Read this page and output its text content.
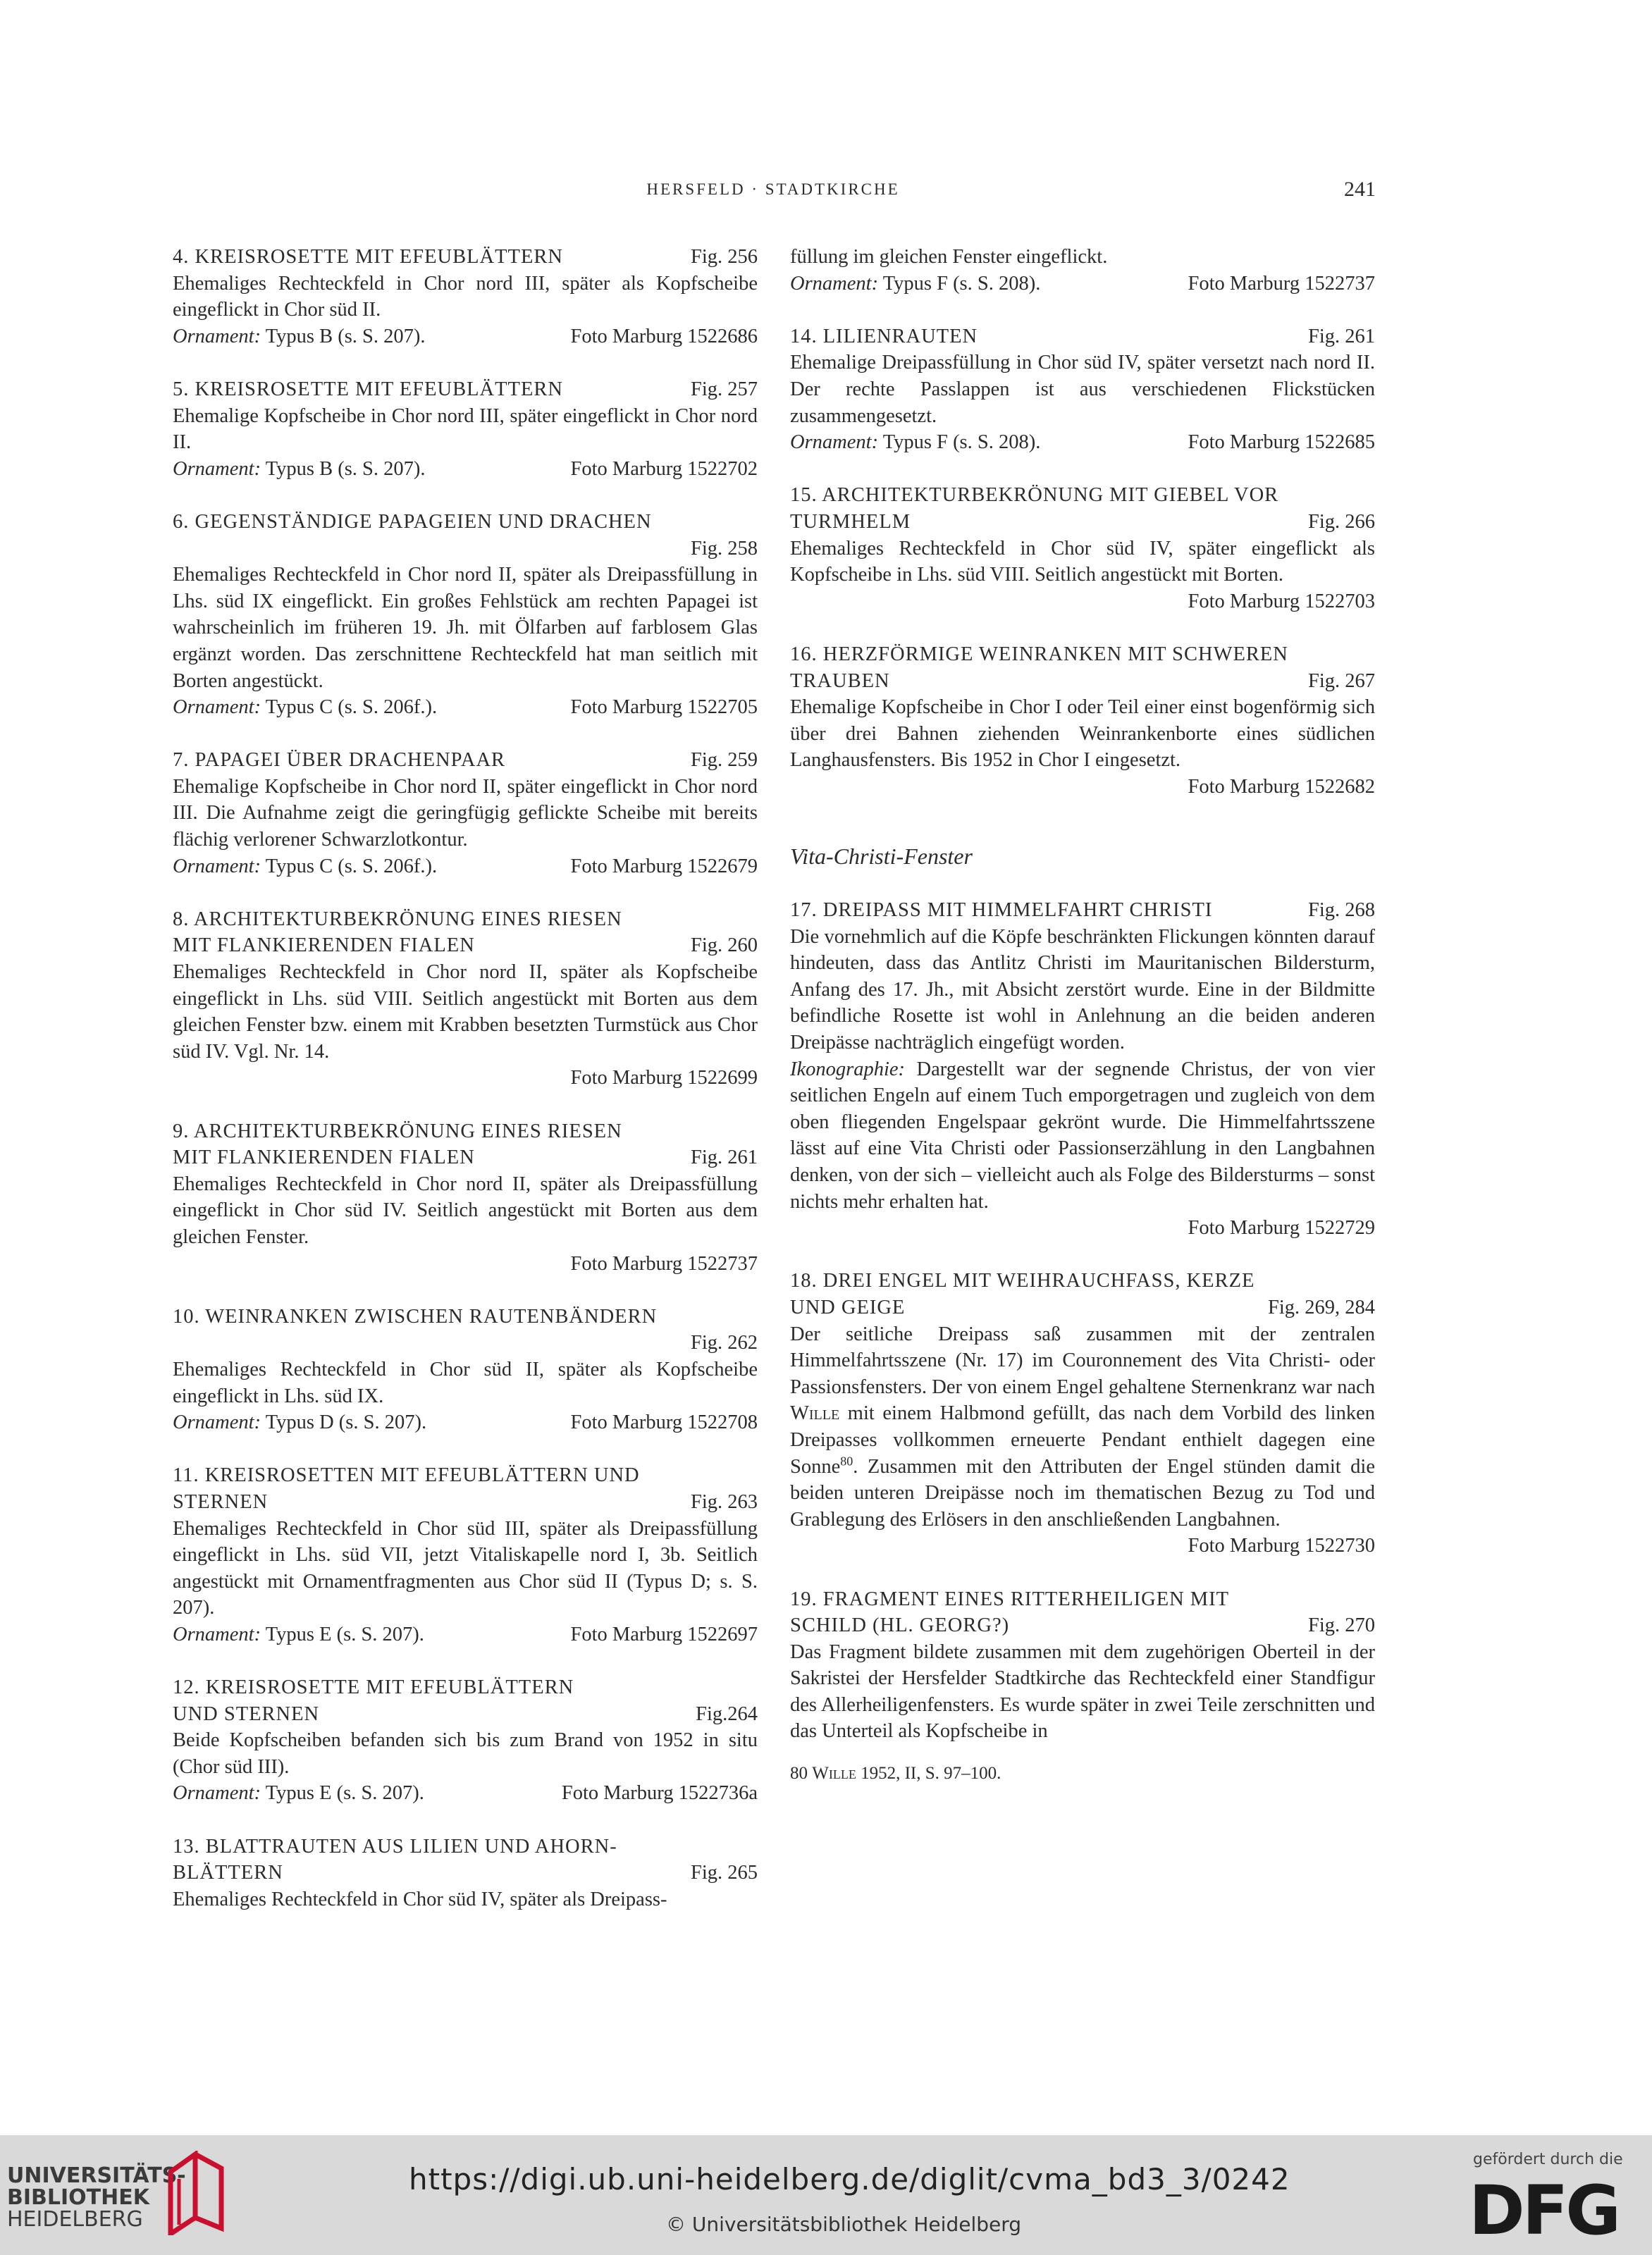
HERSFELD · STADTKIRCHE	241
4. KREISROSETTE MIT EFEUBLÄTTERN	Fig. 256
Ehemaliges Rechteckfeld in Chor nord III, später als Kopfscheibe eingeflickt in Chor süd II.
Ornament: Typus B (s. S. 207).	Foto Marburg 1522686
5. KREISROSETTE MIT EFEUBLÄTTERN	Fig. 257
Ehemalige Kopfscheibe in Chor nord III, später eingeflickt in Chor nord II.
Ornament: Typus B (s. S. 207).	Foto Marburg 1522702
6. GEGENSTÄNDIGE PAPAGEIEN UND DRACHEN
Fig. 258
Ehemaliges Rechteckfeld in Chor nord II, später als Dreipassfüllung in Lhs. süd IX eingeflickt. Ein großes Fehlstück am rechten Papagei ist wahrscheinlich im früheren 19. Jh. mit Ölfarben auf farblosem Glas ergänzt worden. Das zerschnittene Rechteckfeld hat man seitlich mit Borten angestückt.
Ornament: Typus C (s. S. 206f.).	Foto Marburg 1522705
7. PAPAGEI ÜBER DRACHENPAAR	Fig. 259
Ehemalige Kopfscheibe in Chor nord II, später eingeflickt in Chor nord III. Die Aufnahme zeigt die geringfügig geflickte Scheibe mit bereits flächig verlorener Schwarzlotkontur.
Ornament: Typus C (s. S. 206f.).	Foto Marburg 1522679
8. ARCHITEKTURBEKRÖNUNG EINES RIESEN
MIT FLANKIERENDEN FIALEN	Fig. 260
Ehemaliges Rechteckfeld in Chor nord II, später als Kopfscheibe eingeflickt in Lhs. süd VIII. Seitlich angestückt mit Borten aus dem gleichen Fenster bzw. einem mit Krabben besetzten Turmstück aus Chor süd IV. Vgl. Nr. 14.
Foto Marburg 1522699
9. ARCHITEKTURBEKRÖNUNG EINES RIESEN
MIT FLANKIERENDEN FIALEN	Fig. 261
Ehemaliges Rechteckfeld in Chor nord II, später als Dreipassfüllung eingeflickt in Chor süd IV. Seitlich angestückt mit Borten aus dem gleichen Fenster.
Foto Marburg 1522737
10. WEINRANKEN ZWISCHEN RAUTENBÄNDERN
Fig. 262
Ehemaliges Rechteckfeld in Chor süd II, später als Kopfscheibe eingeflickt in Lhs. süd IX.
Ornament: Typus D (s. S. 207).	Foto Marburg 1522708
11. KREISROSETTEN MIT EFEUBLÄTTERN UND
STERNEN	Fig. 263
Ehemaliges Rechteckfeld in Chor süd III, später als Dreipassfüllung eingeflickt in Lhs. süd VII, jetzt Vitaliskapelle nord I, 3b. Seitlich angestückt mit Ornamentfragmenten aus Chor süd II (Typus D; s. S. 207).
Ornament: Typus E (s. S. 207).	Foto Marburg 1522697
12. KREISROSETTE MIT EFEUBLÄTTERN
UND STERNEN	Fig.264
Beide Kopfscheiben befanden sich bis zum Brand von 1952 in situ (Chor süd III).
Ornament: Typus E (s. S. 207).	Foto Marburg 1522736a
13. BLATTRAUTEN AUS LILIEN UND AHORN-
BLÄTTERN	Fig. 265
Ehemaliges Rechteckfeld in Chor süd IV, später als Dreipass-
füllung im gleichen Fenster eingeflickt.
Ornament: Typus F (s. S. 208).	Foto Marburg 1522737
14. LILIENRAUTEN	Fig. 261
Ehemalige Dreipassfüllung in Chor süd IV, später versetzt nach nord II. Der rechte Passlappen ist aus verschiedenen Flickstücken zusammengesetzt.
Ornament: Typus F (s. S. 208).	Foto Marburg 1522685
15. ARCHITEKTURBEKRÖNUNG MIT GIEBEL VOR
TURMHELM	Fig. 266
Ehemaliges Rechteckfeld in Chor süd IV, später eingeflickt als Kopfscheibe in Lhs. süd VIII. Seitlich angestückt mit Borten.
Foto Marburg 1522703
16. HERZFÖRMIGE WEINRANKEN MIT SCHWEREN
TRAUBEN	Fig. 267
Ehemalige Kopfscheibe in Chor I oder Teil einer einst bogenförmig sich über drei Bahnen ziehenden Weinrankenborte eines südlichen Langhausfensters. Bis 1952 in Chor I eingesetzt.
Foto Marburg 1522682
Vita-Christi-Fenster
17. DREIPASS MIT HIMMELFAHRT CHRISTI	Fig. 268
Die vornehmlich auf die Köpfe beschränkten Flickungen könnten darauf hindeuten, dass das Antlitz Christi im Mauritanischen Bildersturm, Anfang des 17. Jh., mit Absicht zerstört wurde. Eine in der Bildmitte befindliche Rosette ist wohl in Anlehnung an die beiden anderen Dreipässe nachträglich eingefügt worden.
Ikonographie: Dargestellt war der segnende Christus, der von vier seitlichen Engeln auf einem Tuch emporgetragen und zugleich von dem oben fliegenden Engelspaar gekrönt wurde. Die Himmelfahrtsszene lässt auf eine Vita Christi oder Passionserzählung in den Langbahnen denken, von der sich – vielleicht auch als Folge des Bildersturms – sonst nichts mehr erhalten hat.
Foto Marburg 1522729
18. DREI ENGEL MIT WEIHRAUCHFASS, KERZE
UND GEIGE	Fig. 269, 284
Der seitliche Dreipass saß zusammen mit der zentralen Himmelfahrtsszene (Nr. 17) im Couronnement des Vita Christi- oder Passionsfensters. Der von einem Engel gehaltene Sternenkranz war nach Wille mit einem Halbmond gefüllt, das nach dem Vorbild des linken Dreipasses vollkommen erneuerte Pendant enthielt dagegen eine Sonne$^{80}$. Zusammen mit den Attributen der Engel stünden damit die beiden unteren Dreipässe noch im thematischen Bezug zu Tod und Grablegung des Erlösers in den anschließenden Langbahnen.
Foto Marburg 1522730
19. FRAGMENT EINES RITTERHEILIGEN MIT
SCHILD (HL. GEORG?)	Fig. 270
Das Fragment bildete zusammen mit dem zugehörigen Oberteil in der Sakristei der Hersfelder Stadtkirche das Rechteckfeld einer Standfigur des Allerheiligenfensters. Es wurde später in zwei Teile zerschnitten und das Unterteil als Kopfscheibe in
80 Wille 1952, II, S. 97–100.
UNIVERSITÄTS-
BIBLIOTHEK
HEIDELBERG
https://digi.ub.uni-heidelberg.de/diglit/cvma_bd3_3/0242
© Universitätsbibliothek Heidelberg
gefördert durch die
DFG
